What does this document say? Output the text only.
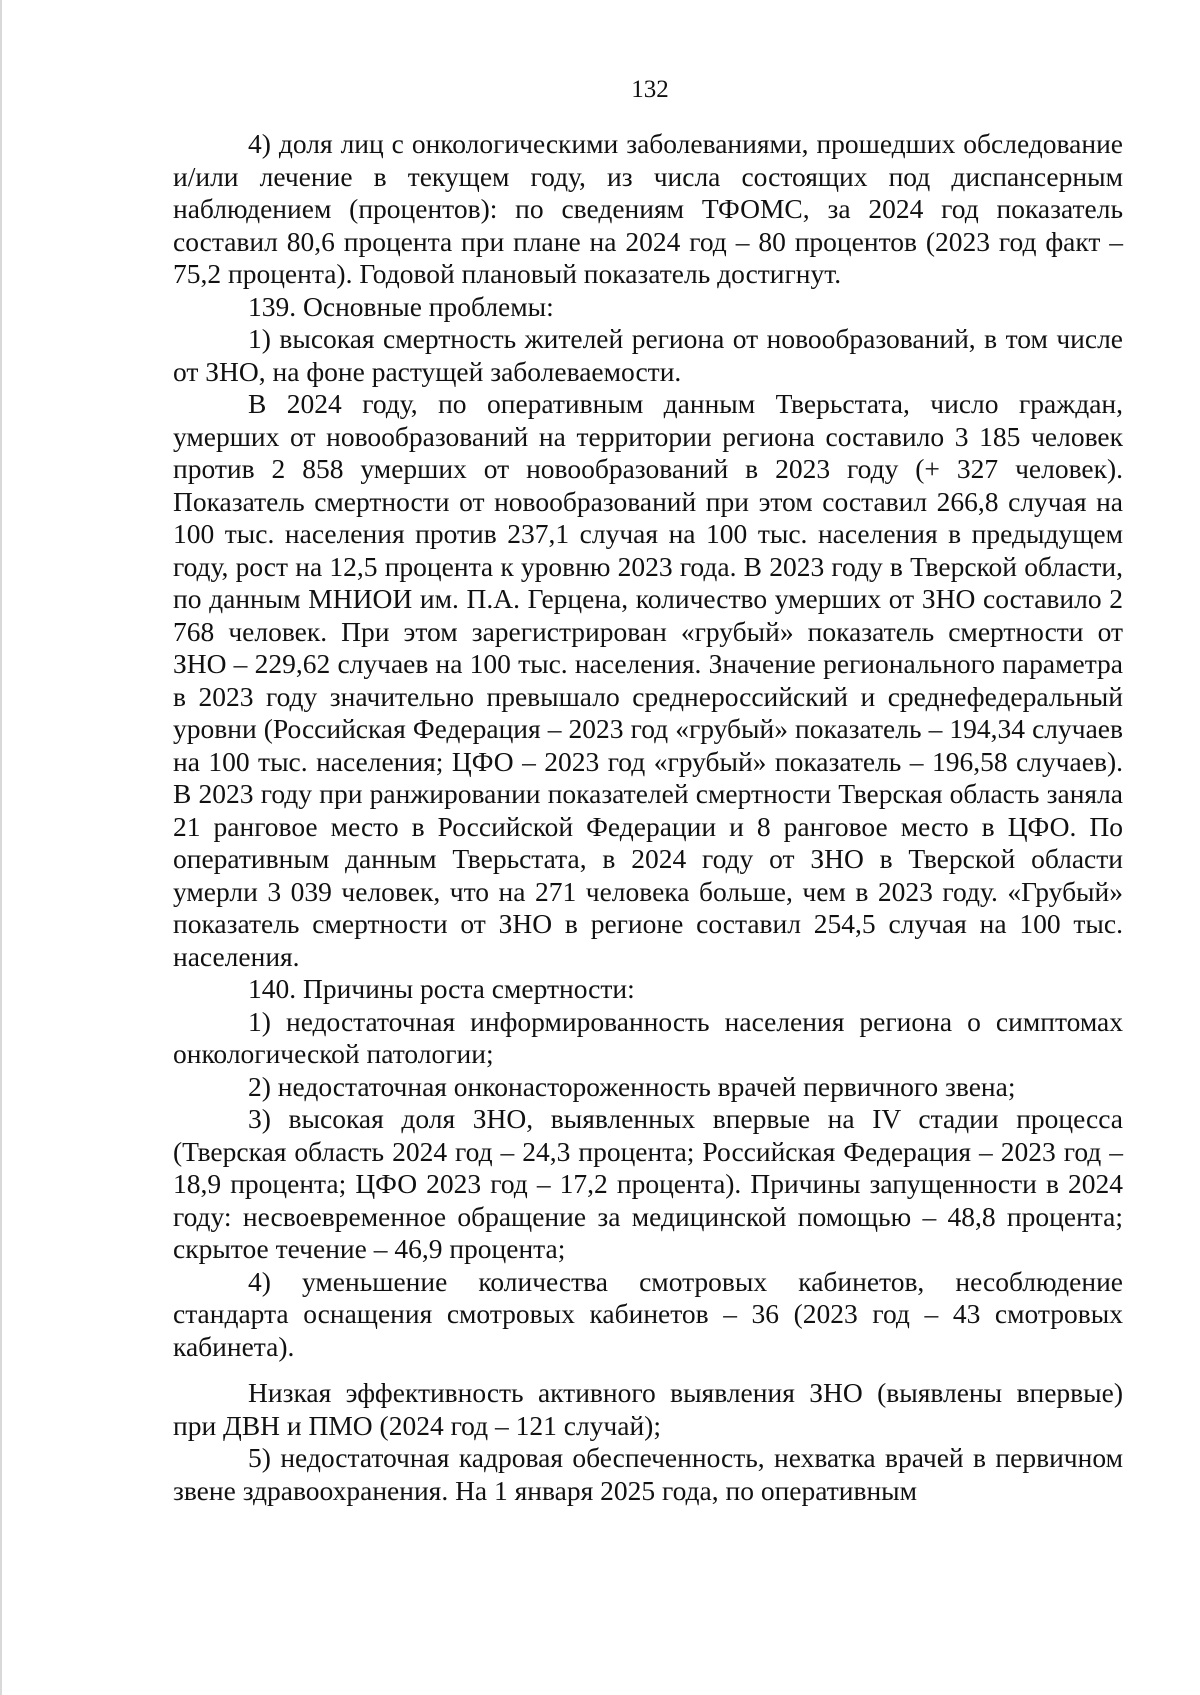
132

4) доля лиц с онкологическими заболеваниями, прошедших обследование и/или лечение в текущем году, из числа состоящих под диспансерным наблюдением (процентов): по сведениям ТФОМС, за 2024 год показатель составил 80,6 процента при плане на 2024 год – 80 процентов (2023 год факт – 75,2 процента). Годовой плановый показатель достигнут.

139. Основные проблемы:

1) высокая смертность жителей региона от новообразований, в том числе от ЗНО, на фоне растущей заболеваемости.

В 2024 году, по оперативным данным Тверьстата, число граждан, умерших от новообразований на территории региона составило 3 185 человек против 2 858 умерших от новообразований в 2023 году (+ 327 человек). Показатель смертности от новообразований при этом составил 266,8 случая на 100 тыс. населения против 237,1 случая на 100 тыс. населения в предыдущем году, рост на 12,5 процента к уровню 2023 года. В 2023 году в Тверской области, по данным МНИОИ им. П.А. Герцена, количество умерших от ЗНО составило 2 768 человек. При этом зарегистрирован «грубый» показатель смертности от ЗНО – 229,62 случаев на 100 тыс. населения. Значение регионального параметра в 2023 году значительно превышало среднероссийский и среднефедеральный уровни (Российская Федерация – 2023 год «грубый» показатель – 194,34 случаев на 100 тыс. населения; ЦФО – 2023 год «грубый» показатель – 196,58 случаев). В 2023 году при ранжировании показателей смертности Тверская область заняла 21 ранговое место в Российской Федерации и 8 ранговое место в ЦФО. По оперативным данным Тверьстата, в 2024 году от ЗНО в Тверской области умерли 3 039 человек, что на 271 человека больше, чем в 2023 году. «Грубый» показатель смертности от ЗНО в регионе составил 254,5 случая на 100 тыс. населения.

140. Причины роста смертности:

1) недостаточная информированность населения региона о симптомах онкологической патологии;

2) недостаточная онконастороженность врачей первичного звена;

3) высокая доля ЗНО, выявленных впервые на IV стадии процесса (Тверская область 2024 год – 24,3 процента; Российская Федерация – 2023 год – 18,9 процента; ЦФО 2023 год – 17,2 процента). Причины запущенности в 2024 году: несвоевременное обращение за медицинской помощью – 48,8 процента; скрытое течение – 46,9 процента;

4) уменьшение количества смотровых кабинетов, несоблюдение стандарта оснащения смотровых кабинетов – 36 (2023 год – 43 смотровых кабинета).

Низкая эффективность активного выявления ЗНО (выявлены впервые) при ДВН и ПМО (2024 год – 121 случай);

5) недостаточная кадровая обеспеченность, нехватка врачей в первичном звене здравоохранения. На 1 января 2025 года, по оперативным
